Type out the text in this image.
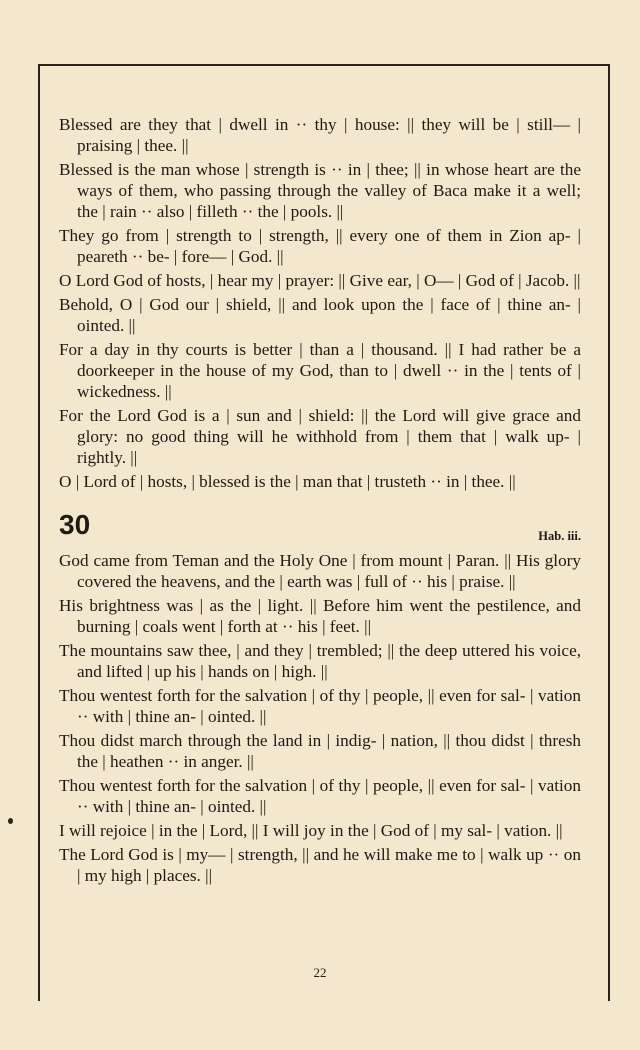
Blessed are they that | dwell in ·· thy | house: || they will be | still— | praising | thee. ||

Blessed is the man whose | strength is ·· in | thee; || in whose heart are the ways of them, who passing through the valley of Baca make it a well; the | rain ·· also | filleth ·· the | pools. ||

They go from | strength to | strength, || every one of them in Zion ap- | peareth ·· be- | fore— | God. ||

O Lord God of hosts, | hear my | prayer: || Give ear, | O— | God of | Jacob. ||

Behold, O | God our | shield, || and look upon the | face of | thine an- | ointed. ||

For a day in thy courts is better | than a | thousand. || I had rather be a doorkeeper in the house of my God, than to | dwell ·· in the | tents of | wickedness. ||

For the Lord God is a | sun and | shield: || the Lord will give grace and glory: no good thing will he withhold from | them that | walk up- | rightly. ||

O | Lord of | hosts, | blessed is the | man that | trusteth ·· in | thee. ||

30	Hab. iii.

God came from Teman and the Holy One | from mount | Paran. || His glory covered the heavens, and the | earth was | full of ·· his | praise. ||

His brightness was | as the | light. || Before him went the pestilence, and burning | coals went | forth at ·· his | feet. ||

The mountains saw thee, | and they | trembled; || the deep uttered his voice, and lifted | up his | hands on | high. ||

Thou wentest forth for the salvation | of thy | people, || even for sal- | vation ·· with | thine an- | ointed. ||

Thou didst march through the land in | indig- | nation, || thou didst | thresh the | heathen ·· in anger. ||

Thou wentest forth for the salvation | of thy | people, || even for sal- | vation ·· with | thine an- | ointed. ||

I will rejoice | in the | Lord, || I will joy in the | God of | my sal- | vation. ||

The Lord God is | my— | strength, || and he will make me to | walk up ·· on | my high | places. ||

22
